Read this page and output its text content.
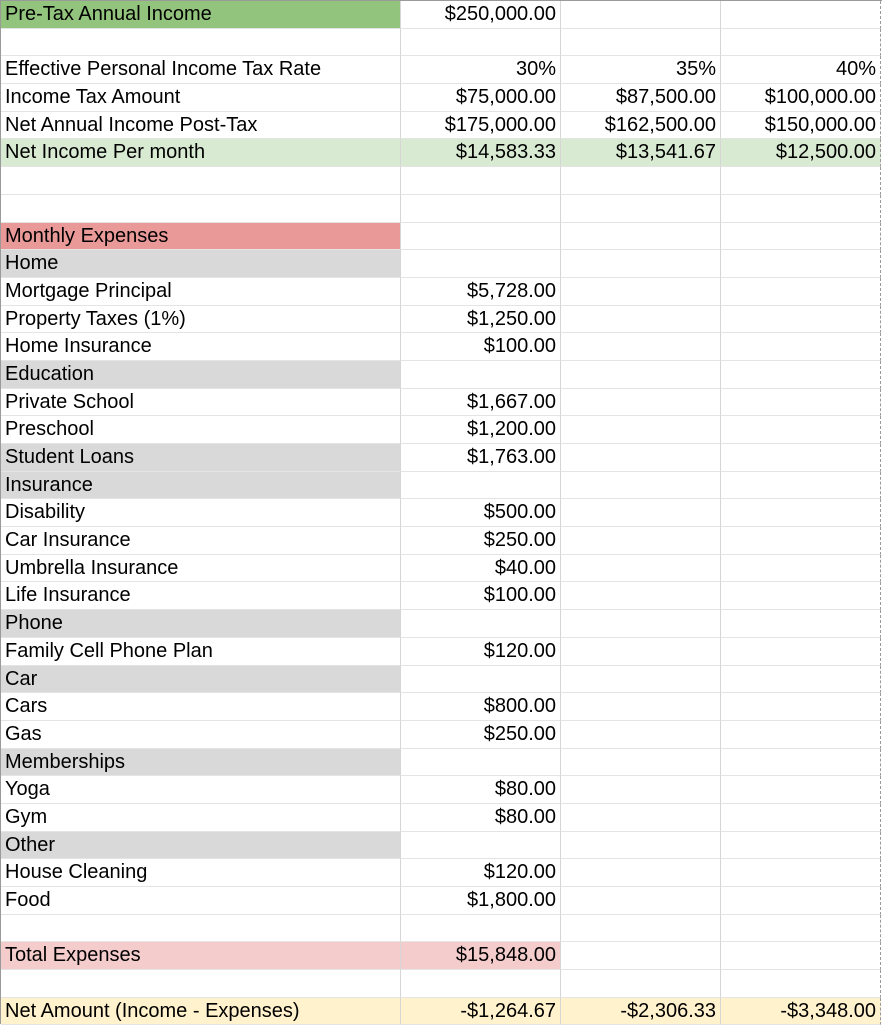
Pre-Tax Annual Income	$250,000.00
Effective Personal Income Tax Rate	30%	35%	40%
Income Tax Amount	$75,000.00	$87,500.00	$100,000.00
Net Annual Income Post-Tax	$175,000.00	$162,500.00	$150,000.00
Net Income Per month	$14,583.33	$13,541.67	$12,500.00
Monthly Expenses
Home
Mortgage Principal	$5,728.00
Property Taxes (1%)	$1,250.00
Home Insurance	$100.00
Education
Private School	$1,667.00
Preschool	$1,200.00
Student Loans	$1,763.00
Insurance
Disability	$500.00
Car Insurance	$250.00
Umbrella Insurance	$40.00
Life Insurance	$100.00
Phone
Family Cell Phone Plan	$120.00
Car
Cars	$800.00
Gas	$250.00
Memberships
Yoga	$80.00
Gym	$80.00
Other
House Cleaning	$120.00
Food	$1,800.00
Total Expenses	$15,848.00
Net Amount (Income - Expenses)	-$1,264.67	-$2,306.33	-$3,348.00
